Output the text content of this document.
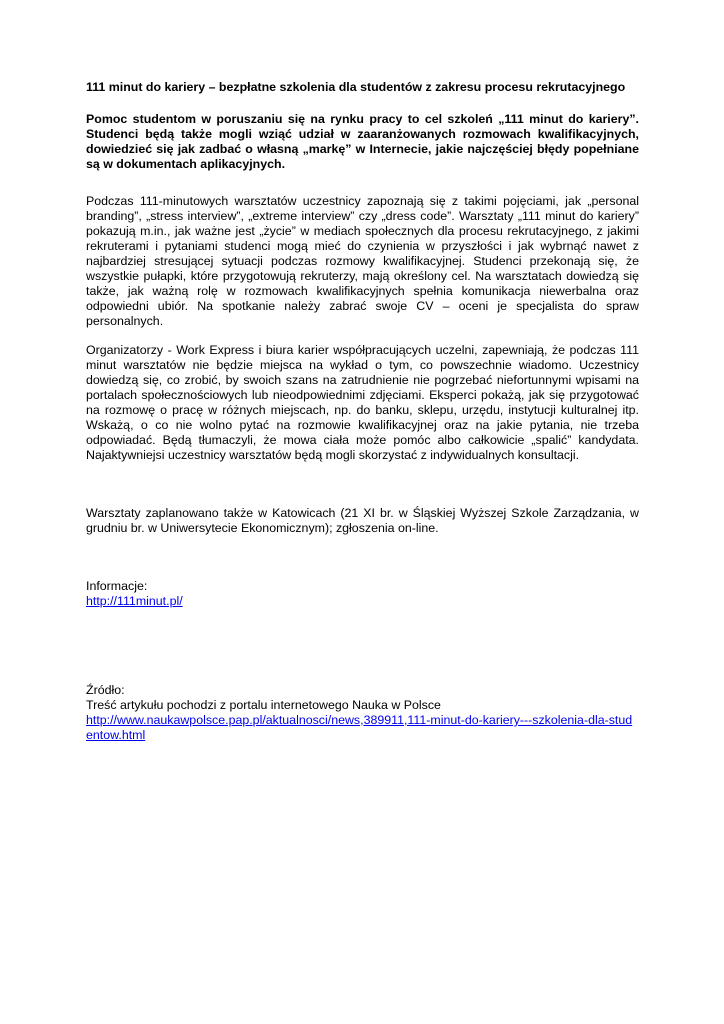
111 minut do kariery – bezpłatne szkolenia dla studentów z zakresu procesu rekrutacyjnego

Pomoc studentom w poruszaniu się na rynku pracy to cel szkoleń „111 minut do kariery”. Studenci będą także mogli wziąć udział w zaaranżowanych rozmowach kwalifikacyjnych, dowiedzieć się jak zadbać o własną „markę” w Internecie, jakie najczęściej błędy popełniane są w dokumentach aplikacyjnych.

Podczas 111-minutowych warsztatów uczestnicy zapoznają się z takimi pojęciami, jak „personal branding”, „stress interview”, „extreme interview” czy „dress code”. Warsztaty „111 minut do kariery” pokazują m.in., jak ważne jest „życie” w mediach społecznych dla procesu rekrutacyjnego, z jakimi rekruterami i pytaniami studenci mogą mieć do czynienia w przyszłości i jak wybrnąć nawet z najbardziej stresującej sytuacji podczas rozmowy kwalifikacyjnej. Studenci przekonają się, że wszystkie pułapki, które przygotowują rekruterzy, mają określony cel. Na warsztatach dowiedzą się także, jak ważną rolę w rozmowach kwalifikacyjnych spełnia komunikacja niewerbalna oraz odpowiedni ubiór. Na spotkanie należy zabrać swoje CV – oceni je specjalista do spraw personalnych.

Organizatorzy - Work Express i biura karier współpracujących uczelni, zapewniają, że podczas 111 minut warsztatów nie będzie miejsca na wykład o tym, co powszechnie wiadomo. Uczestnicy dowiedzą się, co zrobić, by swoich szans na zatrudnienie nie pogrzebać niefortunnymi wpisami na portalach społecznościowych lub nieodpowiednimi zdjęciami. Eksperci pokażą, jak się przygotować na rozmowę o pracę w różnych miejscach, np. do banku, sklepu, urzędu, instytucji kulturalnej itp. Wskażą, o co nie wolno pytać na rozmowie kwalifikacyjnej oraz na jakie pytania, nie trzeba odpowiadać. Będą tłumaczyli, że mowa ciała może pomóc albo całkowicie „spalić” kandydata. Najaktywniejsi uczestnicy warsztatów będą mogli skorzystać z indywidualnych konsultacji.

Warsztaty zaplanowano także w Katowicach (21 XI br. w Śląskiej Wyższej Szkole Zarządzania, w grudniu br. w Uniwersytecie Ekonomicznym); zgłoszenia on-line.

Informacje:
http://111minut.pl/
Źródło:
Treść artykułu pochodzi z portalu internetowego Nauka w Polsce
http://www.naukawpolsce.pap.pl/aktualnosci/news,389911,111-minut-do-kariery---szkolenia-dla-studentow.html
